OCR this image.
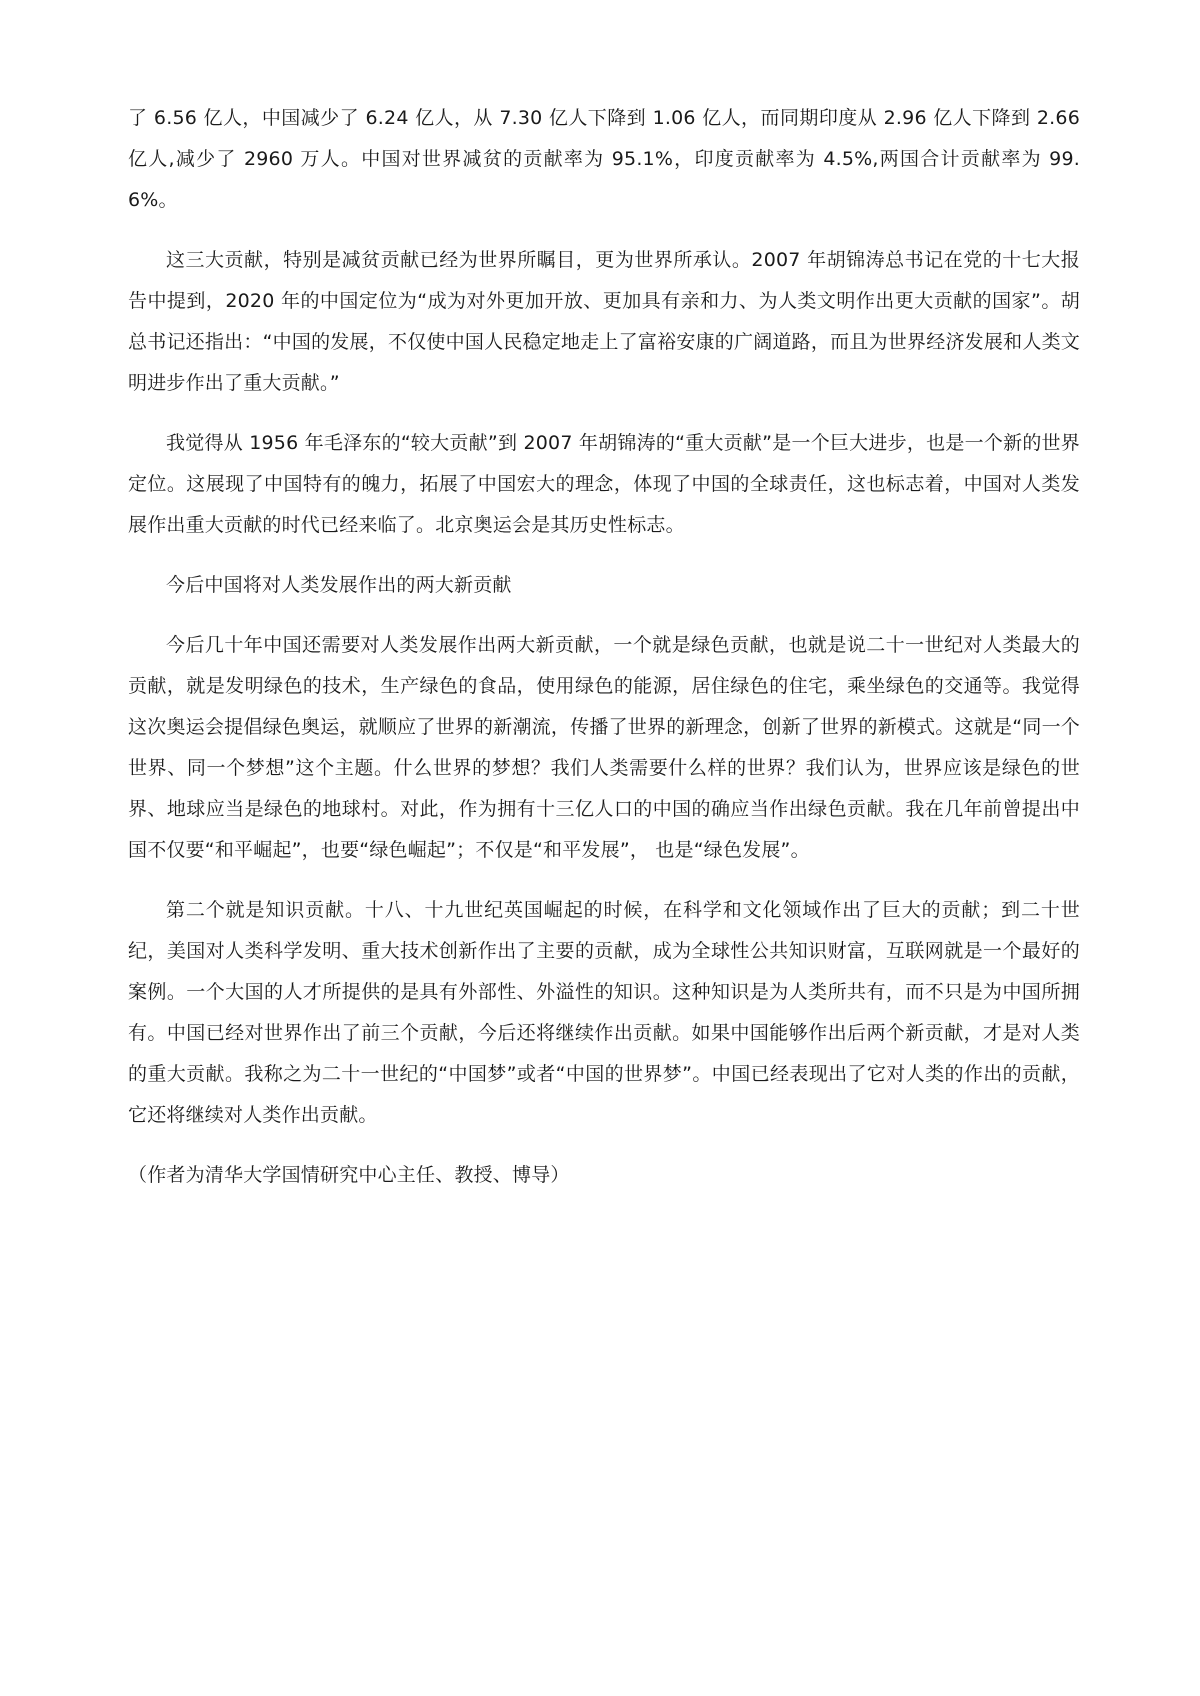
了 6.56 亿人，中国减少了 6.24 亿人，从 7.30 亿人下降到 1.06 亿人，而同期印度从 2.96 亿人下降到 2.66 亿人,减少了 2960 万人。中国对世界减贫的贡献率为 95.1%，印度贡献率为 4.5%,两国合计贡献率为 99.6%。

这三大贡献，特别是减贫贡献已经为世界所瞩目，更为世界所承认。2007 年胡锦涛总书记在党的十七大报告中提到，2020 年的中国定位为“成为对外更加开放、更加具有亲和力、为人类文明作出更大贡献的国家”。胡总书记还指出：“中国的发展，不仅使中国人民稳定地走上了富裕安康的广阔道路，而且为世界经济发展和人类文明进步作出了重大贡献。”

我觉得从 1956 年毛泽东的“较大贡献”到 2007 年胡锦涛的“重大贡献”是一个巨大进步，也是一个新的世界定位。这展现了中国特有的魄力，拓展了中国宏大的理念，体现了中国的全球责任，这也标志着，中国对人类发展作出重大贡献的时代已经来临了。北京奥运会是其历史性标志。

今后中国将对人类发展作出的两大新贡献

今后几十年中国还需要对人类发展作出两大新贡献，一个就是绿色贡献，也就是说二十一世纪对人类最大的贡献，就是发明绿色的技术，生产绿色的食品，使用绿色的能源，居住绿色的住宅，乘坐绿色的交通等。我觉得这次奥运会提倡绿色奥运，就顺应了世界的新潮流，传播了世界的新理念，创新了世界的新模式。这就是“同一个世界、同一个梦想”这个主题。什么世界的梦想？我们人类需要什么样的世界？我们认为，世界应该是绿色的世界、地球应当是绿色的地球村。对此，作为拥有十三亿人口的中国的确应当作出绿色贡献。我在几年前曾提出中国不仅要“和平崛起”，也要“绿色崛起”；不仅是“和平发展”， 也是“绿色发展”。

第二个就是知识贡献。十八、十九世纪英国崛起的时候，在科学和文化领域作出了巨大的贡献；到二十世纪，美国对人类科学发明、重大技术创新作出了主要的贡献，成为全球性公共知识财富，互联网就是一个最好的案例。一个大国的人才所提供的是具有外部性、外溢性的知识。这种知识是为人类所共有，而不只是为中国所拥有。中国已经对世界作出了前三个贡献，今后还将继续作出贡献。如果中国能够作出后两个新贡献，才是对人类的重大贡献。我称之为二十一世纪的“中国梦”或者“中国的世界梦”。中国已经表现出了它对人类的作出的贡献，它还将继续对人类作出贡献。

（作者为清华大学国情研究中心主任、教授、博导）
